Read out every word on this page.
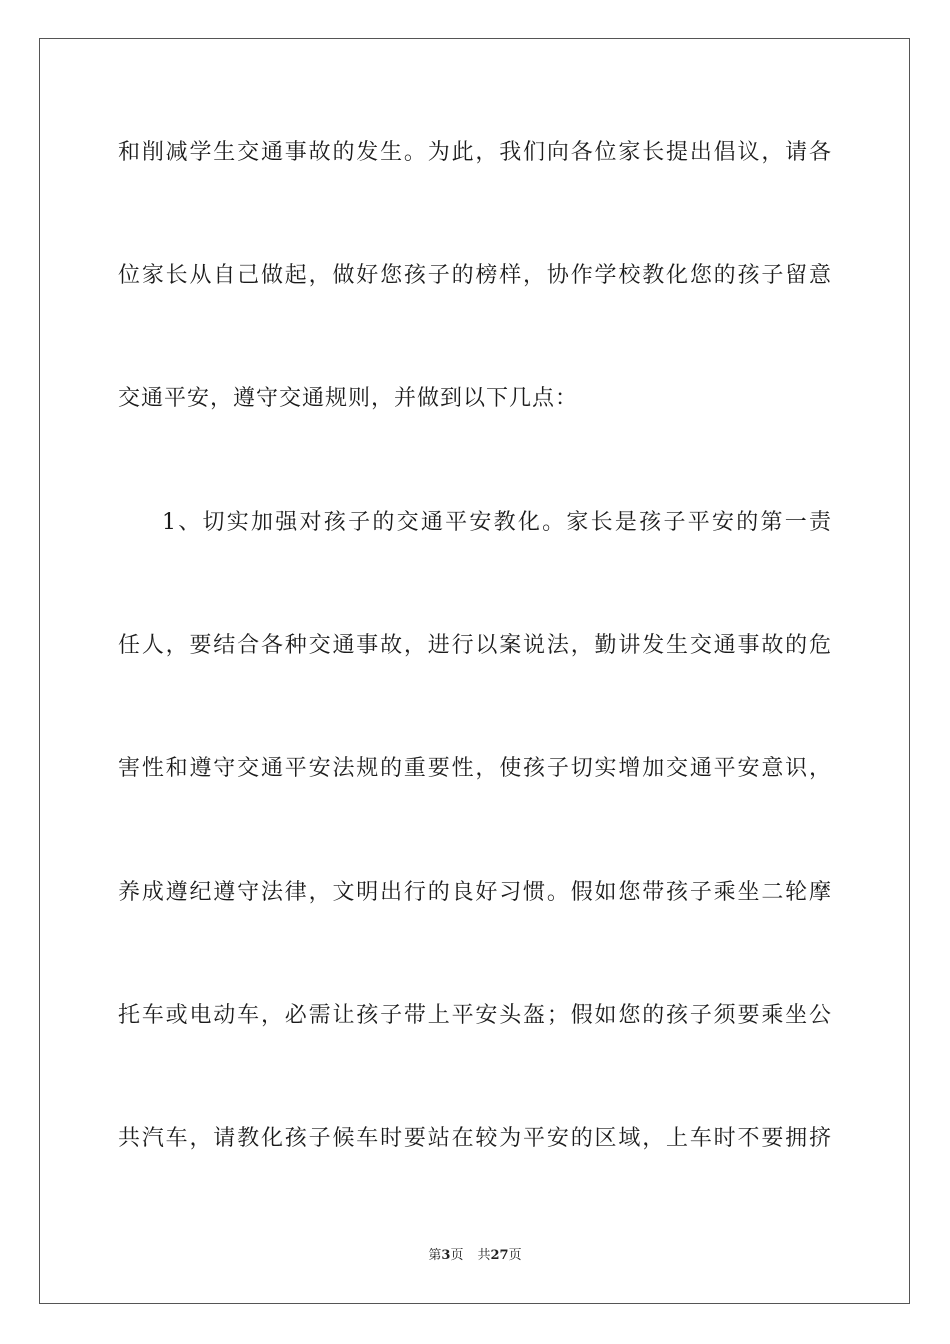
和削减学生交通事故的发生。为此，我们向各位家长提出倡议，请各
位家长从自己做起，做好您孩子的榜样，协作学校教化您的孩子留意
交通平安，遵守交通规则，并做到以下几点：
1、切实加强对孩子的交通平安教化。家长是孩子平安的第一责
任人，要结合各种交通事故，进行以案说法，勤讲发生交通事故的危
害性和遵守交通平安法规的重要性，使孩子切实增加交通平安意识，
养成遵纪遵守法律，文明出行的良好习惯。假如您带孩子乘坐二轮摩
托车或电动车，必需让孩子带上平安头盔；假如您的孩子须要乘坐公
共汽车，请教化孩子候车时要站在较为平安的区域，上车时不要拥挤
第3页 共27页
